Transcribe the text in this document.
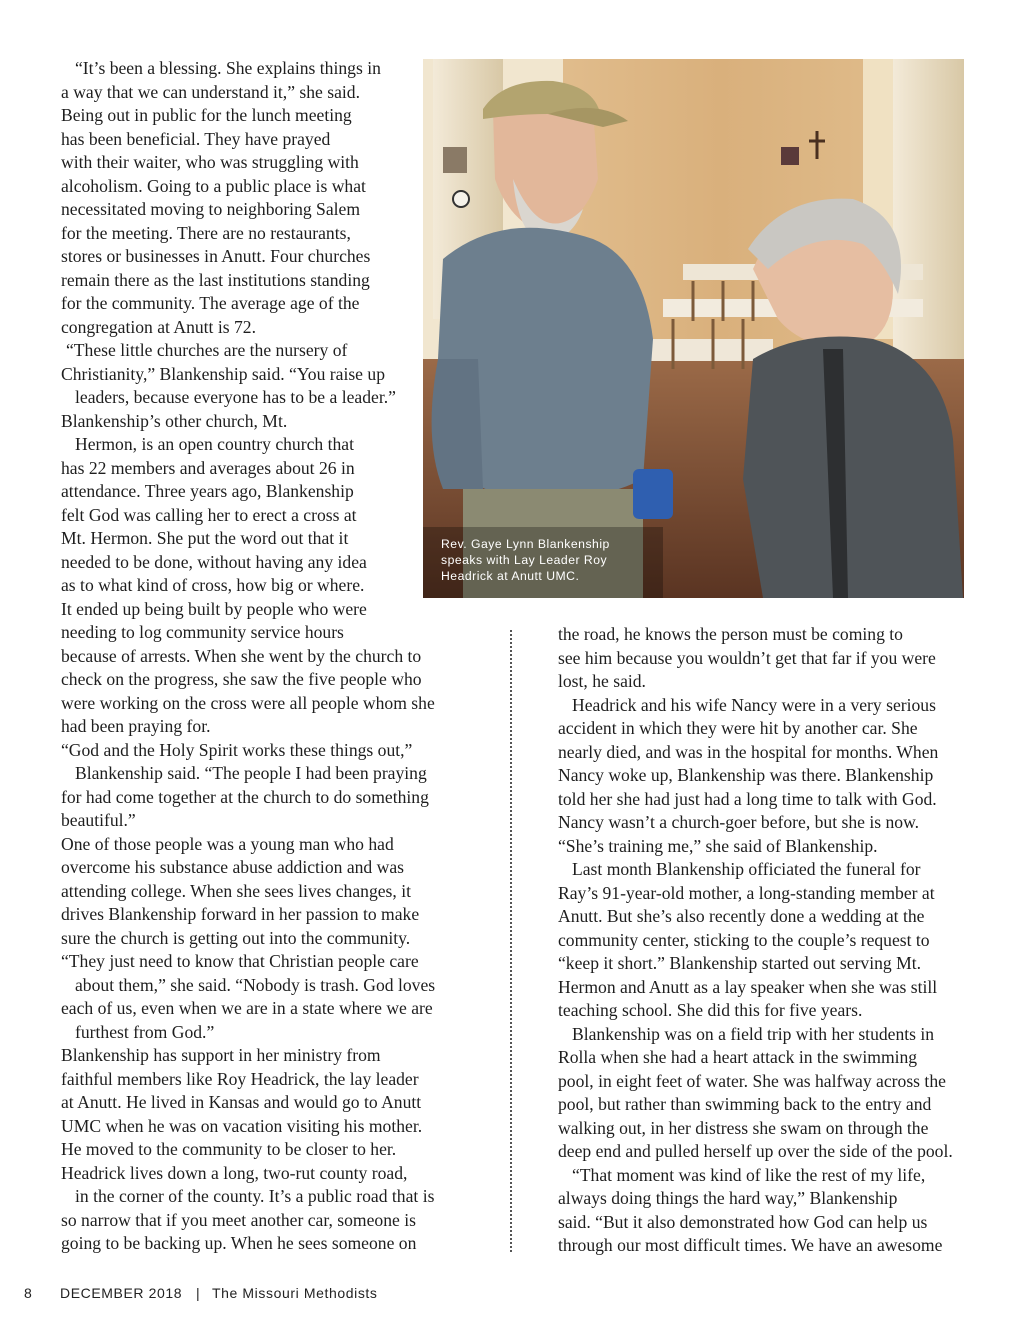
“It’s been a blessing. She explains things in
a way that we can understand it,” she said.
Being out in public for the lunch meeting
has been beneficial. They have prayed
with their waiter, who was struggling with
alcoholism. Going to a public place is what
necessitated moving to neighboring Salem
for the meeting. There are no restaurants,
stores or businesses in Anutt. Four churches
remain there as the last institutions standing
for the community. The average age of the
congregation at Anutt is 72.
“These little churches are the nursery of
Christianity,” Blankenship said. “You raise up
leaders, because everyone has to be a leader.”
Blankenship’s other church, Mt.
Hermon, is an open country church that
has 22 members and averages about 26 in
attendance. Three years ago, Blankenship
felt God was calling her to erect a cross at
Mt. Hermon. She put the word out that it
needed to be done, without having any idea
as to what kind of cross, how big or where.
It ended up being built by people who were
needing to log community service hours
because of arrests. When she went by the church to
check on the progress, she saw the five people who
were working on the cross were all people whom she
had been praying for.
“God and the Holy Spirit works these things out,”
Blankenship said. “The people I had been praying
for had come together at the church to do something
beautiful.”
One of those people was a young man who had
overcome his substance abuse addiction and was
attending college. When she sees lives changes, it
drives Blankenship forward in her passion to make
sure the church is getting out into the community.
“They just need to know that Christian people care
about them,” she said. “Nobody is trash. God loves
each of us, even when we are in a state where we are
furthest from God.”
Blankenship has support in her ministry from
faithful members like Roy Headrick, the lay leader
at Anutt. He lived in Kansas and would go to Anutt
UMC when he was on vacation visiting his mother.
He moved to the community to be closer to her.
Headrick lives down a long, two-rut county road,
in the corner of the county. It’s a public road that is
so narrow that if you meet another car, someone is
going to be backing up. When he sees someone on
the road, he knows the person must be coming to
see him because you wouldn’t get that far if you were
lost, he said.
Headrick and his wife Nancy were in a very serious
accident in which they were hit by another car. She
nearly died, and was in the hospital for months. When
Nancy woke up, Blankenship was there. Blankenship
told her she had just had a long time to talk with God.
Nancy wasn’t a church-goer before, but she is now.
“She’s training me,” she said of Blankenship.
Last month Blankenship officiated the funeral for
Ray’s 91-year-old mother, a long-standing member at
Anutt. But she’s also recently done a wedding at the
community center, sticking to the couple’s request to
“keep it short.” Blankenship started out serving Mt.
Hermon and Anutt as a lay speaker when she was still
teaching school. She did this for five years.
Blankenship was on a field trip with her students in
Rolla when she had a heart attack in the swimming
pool, in eight feet of water. She was halfway across the
pool, but rather than swimming back to the entry and
walking out, in her distress she swam on through the
deep end and pulled herself up over the side of the pool.
“That moment was kind of like the rest of my life,
always doing things the hard way,” Blankenship
said. “But it also demonstrated how God can help us
through our most difficult times. We have an awesome
Rev. Gaye Lynn Blankenship
speaks with Lay Leader Roy
Headrick at Anutt UMC.
8 DECEMBER 2018 | The Missouri Methodists
